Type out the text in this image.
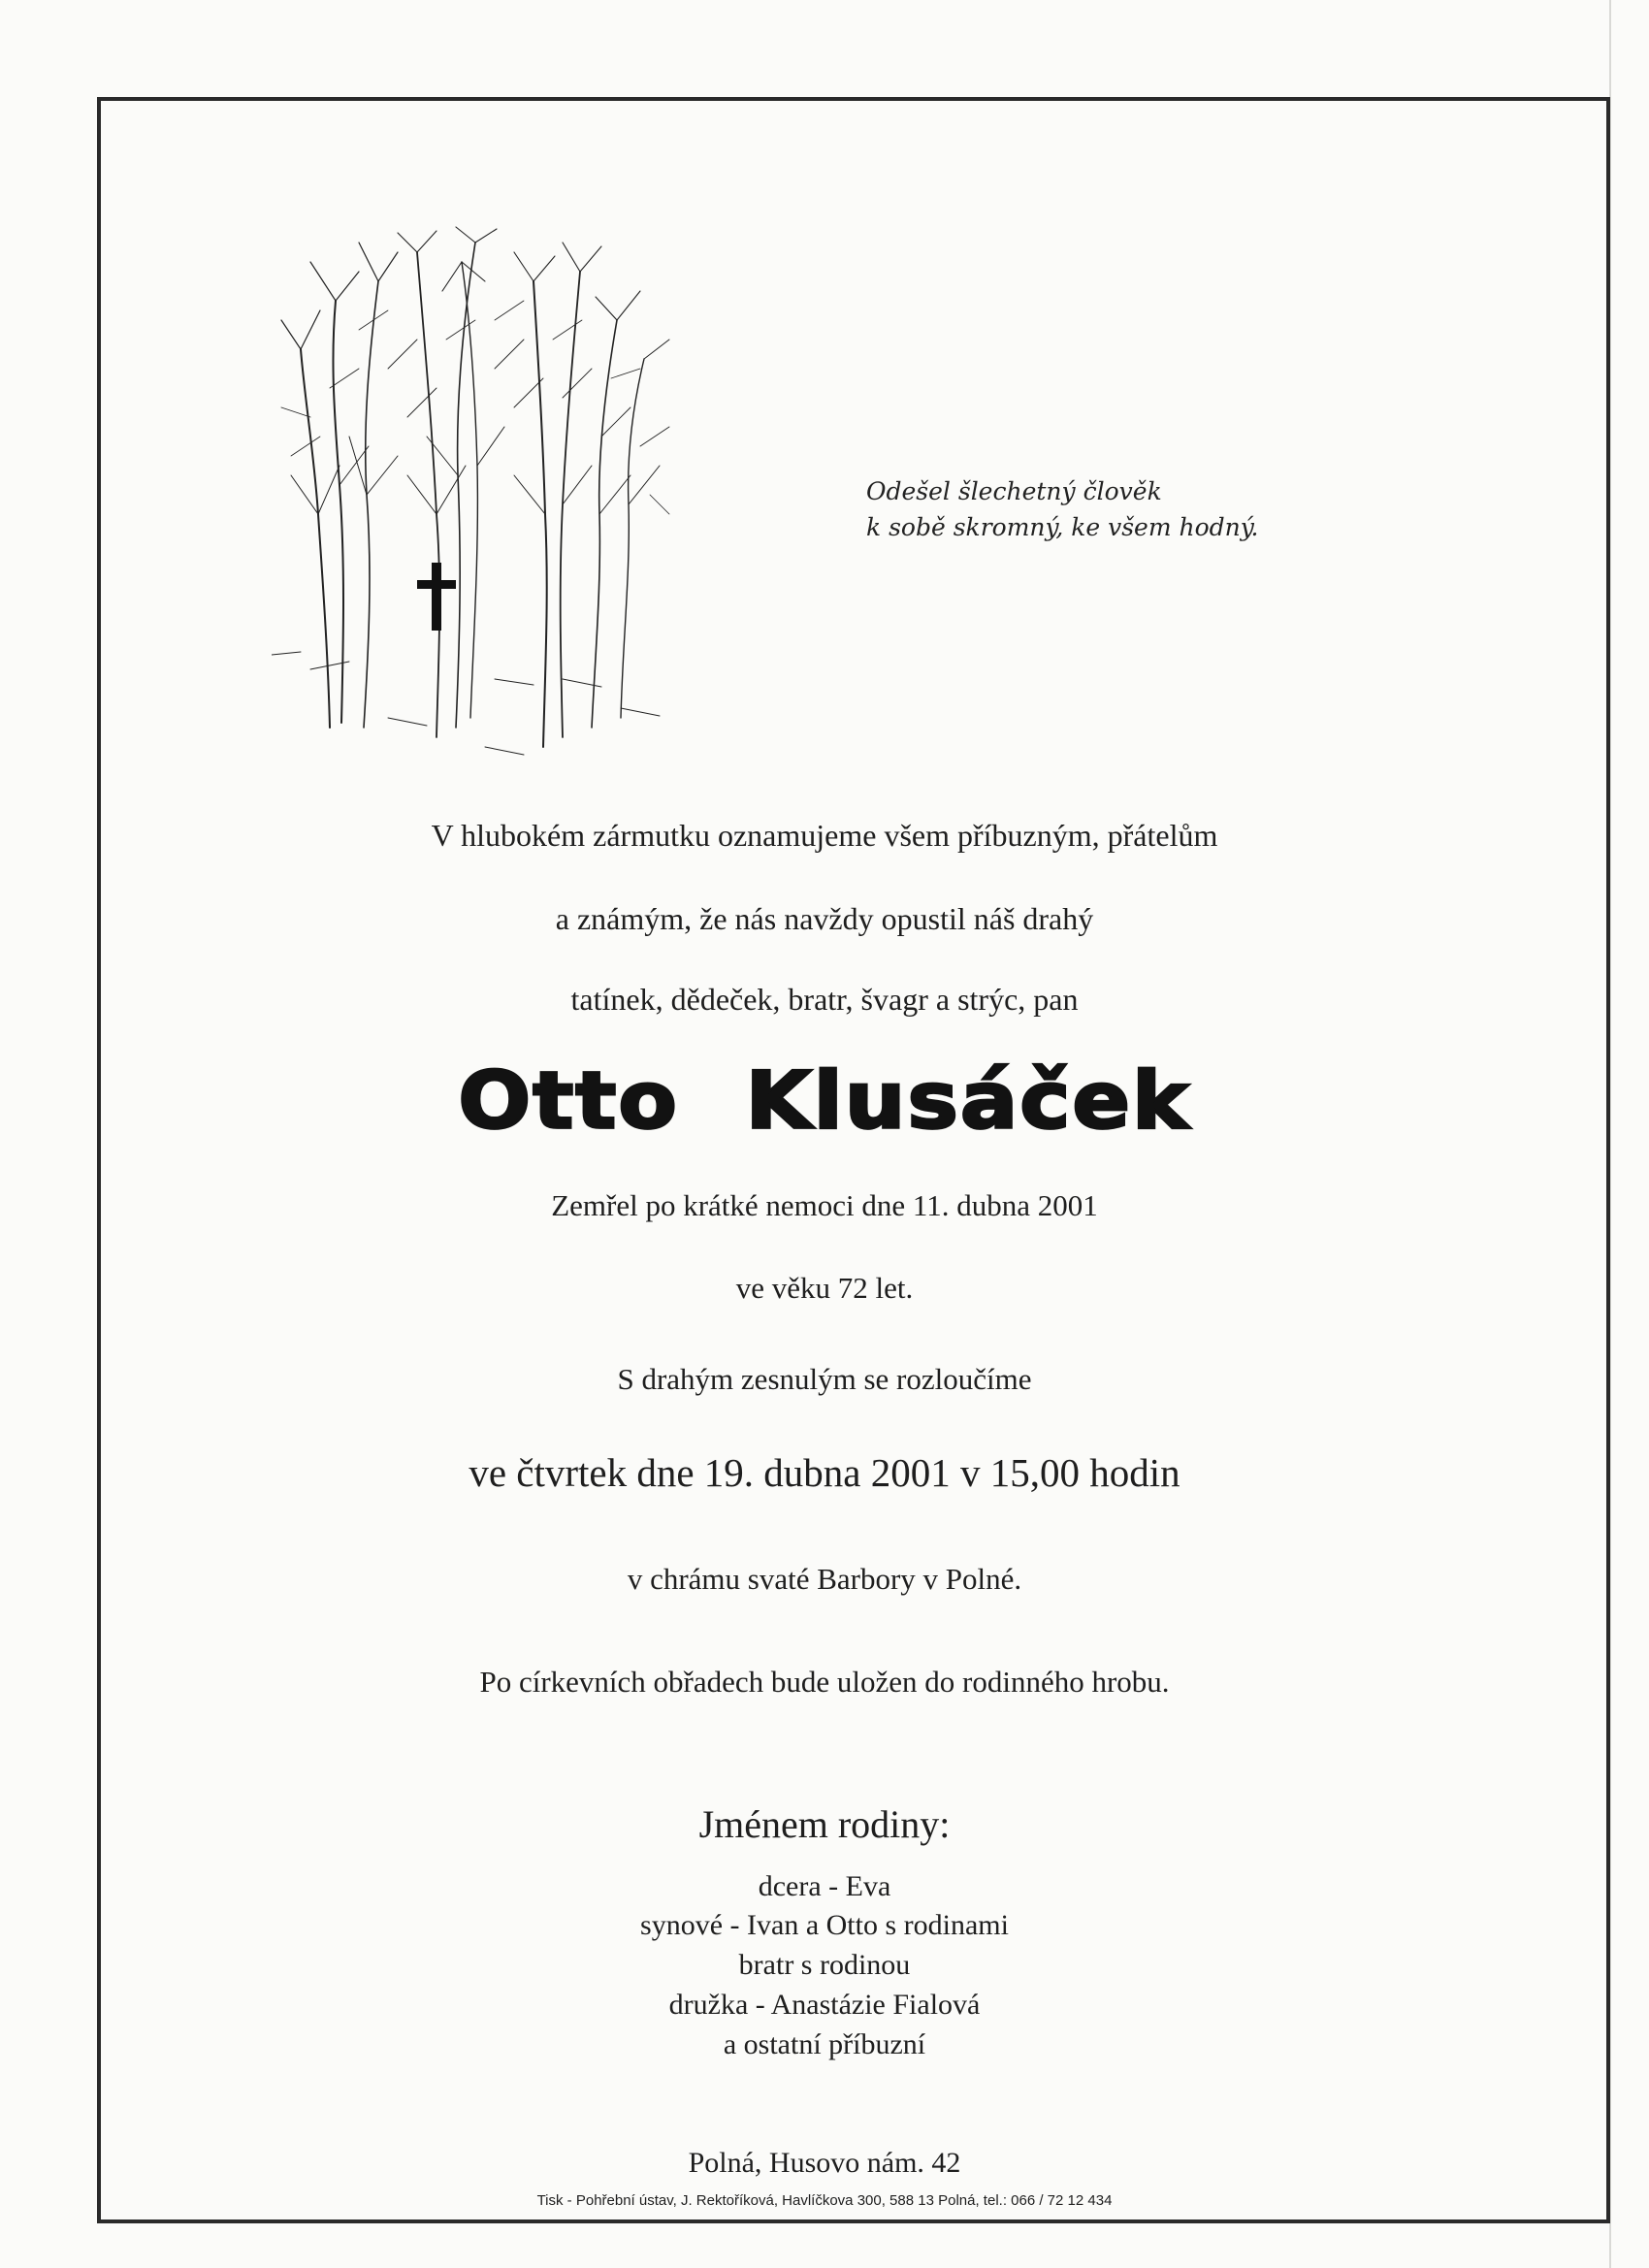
Odešel šlechetný člověk
k sobě skromný, ke všem hodný.
V hlubokém zármutku oznamujeme všem příbuzným, přátelům
a známým, že nás navždy opustil náš drahý
tatínek, dědeček, bratr, švagr a strýc, pan
Otto Klusáček
Zemřel po krátké nemoci dne 11. dubna 2001
ve věku 72 let.
S drahým zesnulým se rozloučíme
ve čtvrtek dne 19. dubna 2001 v 15,00 hodin
v chrámu svaté Barbory v Polné.
Po církevních obřadech bude uložen do rodinného hrobu.
Jménem rodiny:
dcera - Eva
synové - Ivan a Otto s rodinami
bratr s rodinou
družka - Anastázie Fialová
a ostatní příbuzní
Polná, Husovo nám. 42
Tisk - Pohřební ústav, J. Rektoříková, Havlíčkova 300, 588 13 Polná, tel.: 066 / 72 12 434
